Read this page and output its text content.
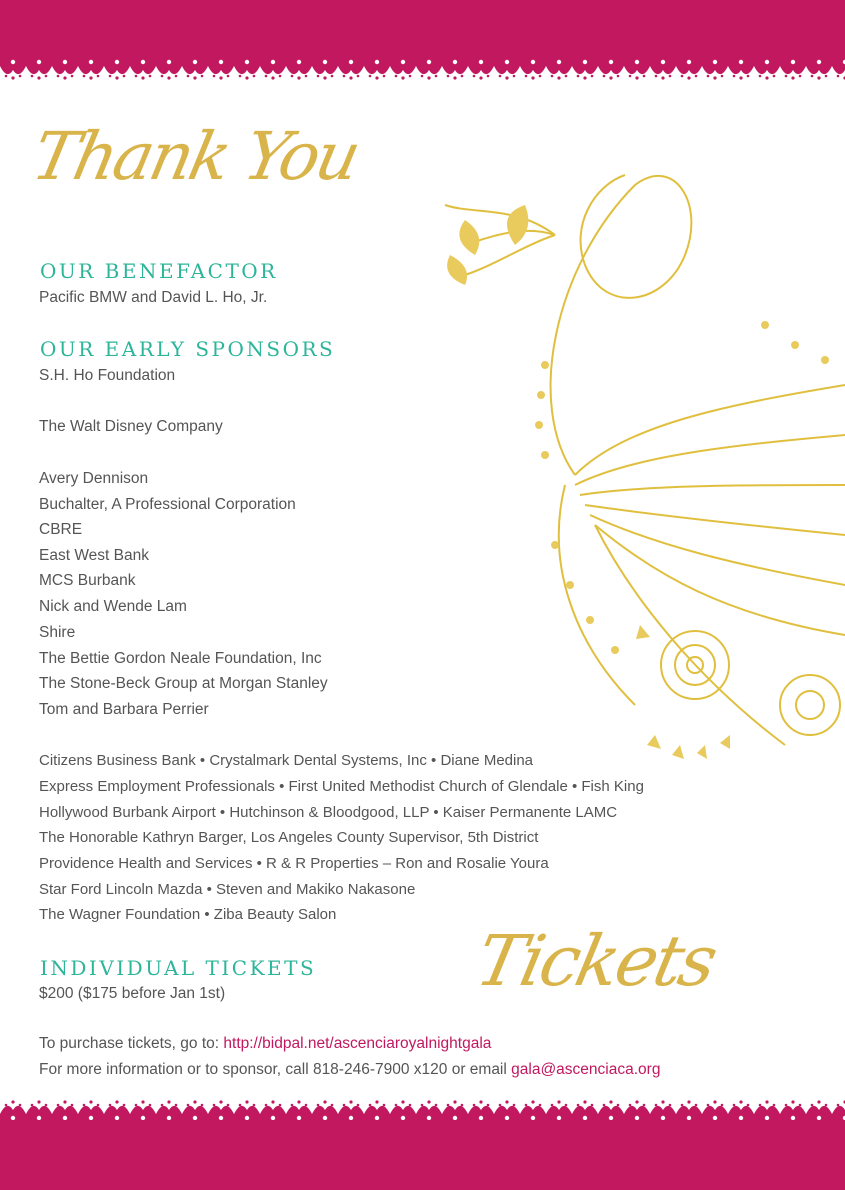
Thank You
Tickets
OUR BENEFACTOR
Pacific BMW and David L. Ho, Jr.
OUR EARLY SPONSORS
S.H. Ho Foundation
The Walt Disney Company
Avery Dennison
Buchalter, A Professional Corporation
CBRE
East West Bank
MCS Burbank
Nick and Wende Lam
Shire
The Bettie Gordon Neale Foundation, Inc
The Stone-Beck Group at Morgan Stanley
Tom and Barbara Perrier
Citizens Business Bank • Crystalmark Dental Systems, Inc • Diane Medina
Express Employment Professionals • First United Methodist Church of Glendale • Fish King
Hollywood Burbank Airport • Hutchinson & Bloodgood, LLP • Kaiser Permanente LAMC
The Honorable Kathryn Barger, Los Angeles County Supervisor, 5th District
Providence Health and Services • R & R Properties – Ron and Rosalie Youra
Star Ford Lincoln Mazda • Steven and Makiko Nakasone
The Wagner Foundation • Ziba Beauty Salon
INDIVIDUAL TICKETS
$200 ($175 before Jan 1st)
To purchase tickets, go to: http://bidpal.net/ascenciaroyalnightgala
For more information or to sponsor, call 818-246-7900 x120 or email gala@ascenciaca.org
